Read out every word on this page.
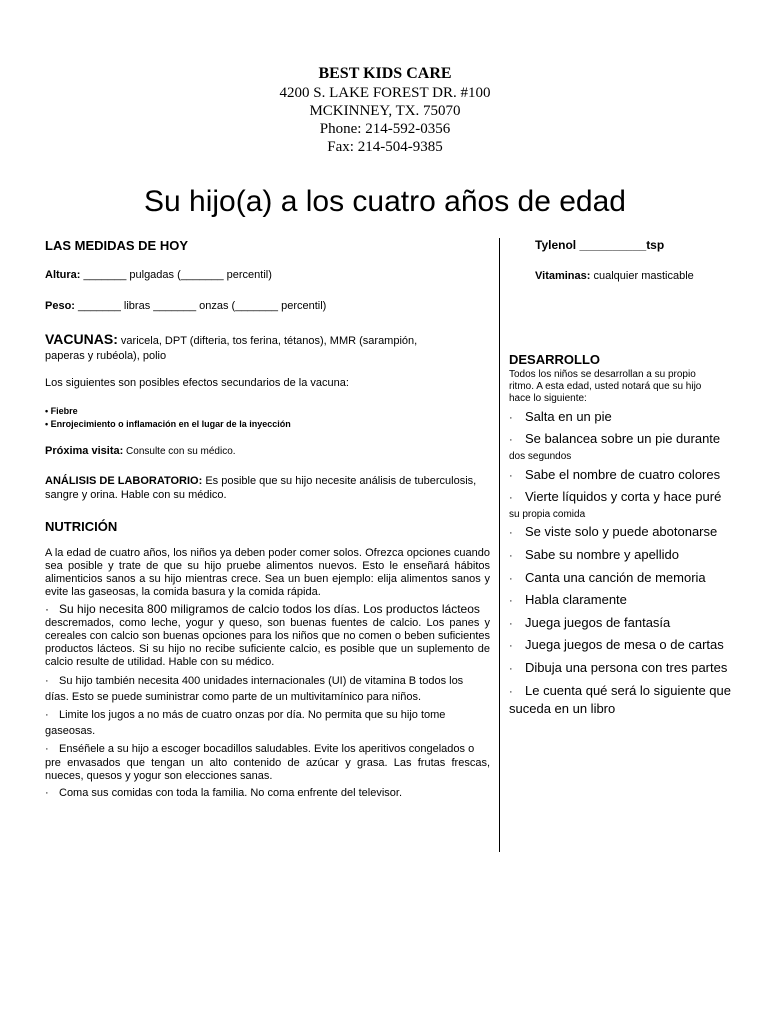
BEST KIDS CARE
4200 S. LAKE FOREST DR. #100
MCKINNEY, TX. 75070
Phone: 214-592-0356
Fax: 214-504-9385
Su hijo(a) a los cuatro años de edad
LAS MEDIDAS DE HOY
Altura: _______ pulgadas (_______ percentil)
Peso: _______ libras _______ onzas (_______ percentil)
VACUNAS: varicela, DPT (difteria, tos ferina, tétanos), MMR (sarampión,
paperas y rubéola), polio
Los siguientes son posibles efectos secundarios de la vacuna:
• Fiebre
• Enrojecimiento o inflamación en el lugar de la inyección
Próxima visita: Consulte con su médico.
ANÁLISIS DE LABORATORIO: Es posible que su hijo necesite análisis de tuberculosis,
sangre y orina. Hable con su médico.
NUTRICIÓN
A la edad de cuatro años, los niños ya deben poder comer solos. Ofrezca opciones cuando sea posible y trate de que su hijo pruebe alimentos nuevos. Esto le enseñará hábitos alimenticios sanos a su hijo mientras crece. Sea un buen ejemplo: elija alimentos sanos y evite las gaseosas, la comida basura y la comida rápida.
· Su hijo necesita 800 miligramos de calcio todos los días. Los productos lácteos
descremados, como leche, yogur y queso, son buenas fuentes de calcio. Los panes y cereales con calcio son buenas opciones para los niños que no comen o beben suficientes productos lácteos. Si su hijo no recibe suficiente calcio, es posible que un suplemento de calcio resulte de utilidad. Hable con su médico.
· Su hijo también necesita 400 unidades internacionales (UI) de vitamina B todos los
días. Esto se puede suministrar como parte de un multivitamínico para niños.
· Limite los jugos a no más de cuatro onzas por día. No permita que su hijo tome
gaseosas.
· Enséñele a su hijo a escoger bocadillos saludables. Evite los aperitivos congelados o
pre envasados que tengan un alto contenido de azúcar y grasa. Las frutas frescas, nueces, quesos y yogur son elecciones sanas.
· Coma sus comidas con toda la familia. No coma enfrente del televisor.
Tylenol __________tsp
Vitaminas: cualquier masticable
DESARROLLO
Todos los niños se desarrollan a su propio ritmo. A esta edad, usted notará que su hijo hace lo siguiente:
· Salta en un pie
· Se balancea sobre un pie durante
dos segundos
· Sabe el nombre de cuatro colores
· Vierte líquidos y corta y hace puré
su propia comida
· Se viste solo y puede abotonarse
· Sabe su nombre y apellido
· Canta una canción de memoria
· Habla claramente
· Juega juegos de fantasía
· Juega juegos de mesa o de cartas
· Dibuja una persona con tres partes
· Le cuenta qué será lo siguiente que
suceda en un libro
